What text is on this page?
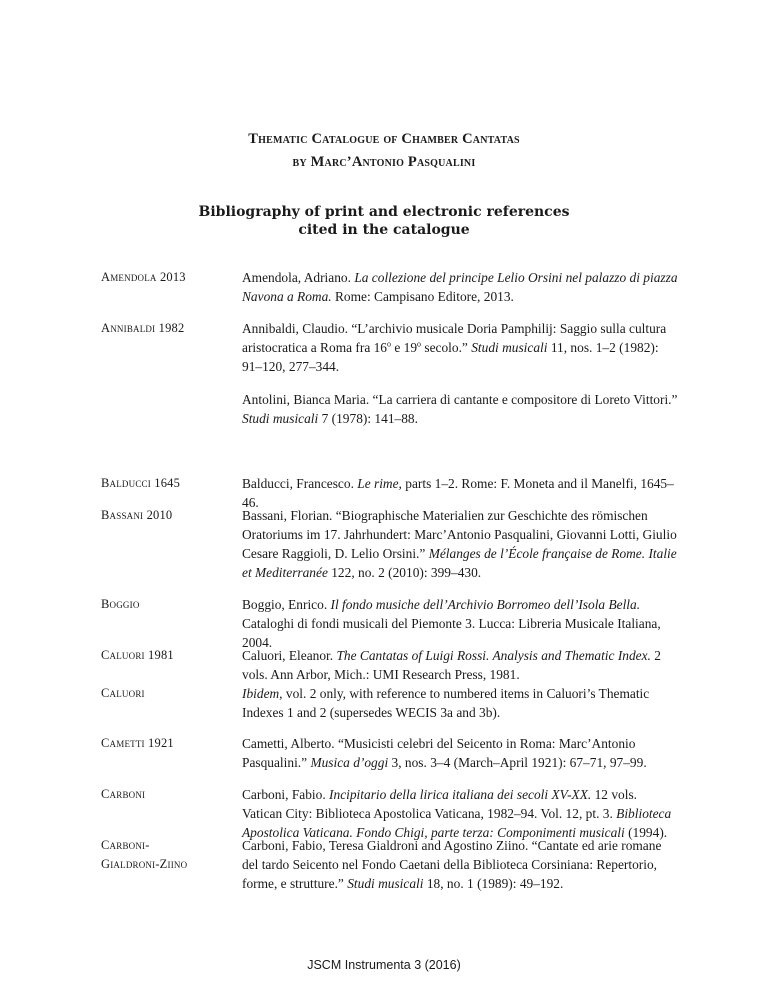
Thematic Catalogue of Chamber Cantatas
by Marc’Antonio Pasqualini
Bibliography of print and electronic references
cited in the catalogue
Amendola 2013
Annibaldi 1982
Balducci 1645
Bassani 2010
Boggio
Caluori 1981
Caluori
Cametti 1921
Carboni
Carboni-Gialdroni-Ziino
Amendola, Adriano. La collezione del principe Lelio Orsini nel palazzo di piazza Navona a Roma. Rome: Campisano Editore, 2013.
Annibaldi, Claudio. “L’archivio musicale Doria Pamphilij: Saggio sulla cultura aristocratica a Roma fra 16$^o$ e 19$^o$ secolo.” Studi musicali 11, nos. 1–2 (1982): 91–120, 277–344.
Antolini, Bianca Maria. “La carriera di cantante e compositore di Loreto Vittori.” Studi musicali 7 (1978): 141–88.
Balducci, Francesco. Le rime, parts 1–2. Rome: F. Moneta and il Manelfi, 1645–46.
Bassani, Florian. “Biographische Materialien zur Geschichte des römischen Oratoriums im 17. Jahrhundert: Marc’Antonio Pasqualini, Giovanni Lotti, Giulio Cesare Raggioli, D. Lelio Orsini.” Mélanges de l’École française de Rome. Italie et Mediterranée 122, no. 2 (2010): 399–430.
Boggio, Enrico. Il fondo musiche dell’Archivio Borromeo dell’Isola Bella. Cataloghi di fondi musicali del Piemonte 3. Lucca: Libreria Musicale Italiana, 2004.
Caluori, Eleanor. The Cantatas of Luigi Rossi. Analysis and Thematic Index. 2 vols. Ann Arbor, Mich.: UMI Research Press, 1981.
Ibidem, vol. 2 only, with reference to numbered items in Caluori’s Thematic Indexes 1 and 2 (supersedes WECIS 3a and 3b).
Cametti, Alberto. “Musicisti celebri del Seicento in Roma: Marc’Antonio Pasqualini.” Musica d’oggi 3, nos. 3–4 (March–April 1921): 67–71, 97–99.
Carboni, Fabio. Incipitario della lirica italiana dei secoli XV-XX. 12 vols. Vatican City: Biblioteca Apostolica Vaticana, 1982–94. Vol. 12, pt. 3. Biblioteca Apostolica Vaticana. Fondo Chigi, parte terza: Componimenti musicali (1994).
Carboni, Fabio, Teresa Gialdroni and Agostino Ziino. “Cantate ed arie romane del tardo Seicento nel Fondo Caetani della Biblioteca Corsiniana: Repertorio, forme, e strutture.” Studi musicali 18, no. 1 (1989): 49–192.
JSCM Instrumenta 3 (2016)
